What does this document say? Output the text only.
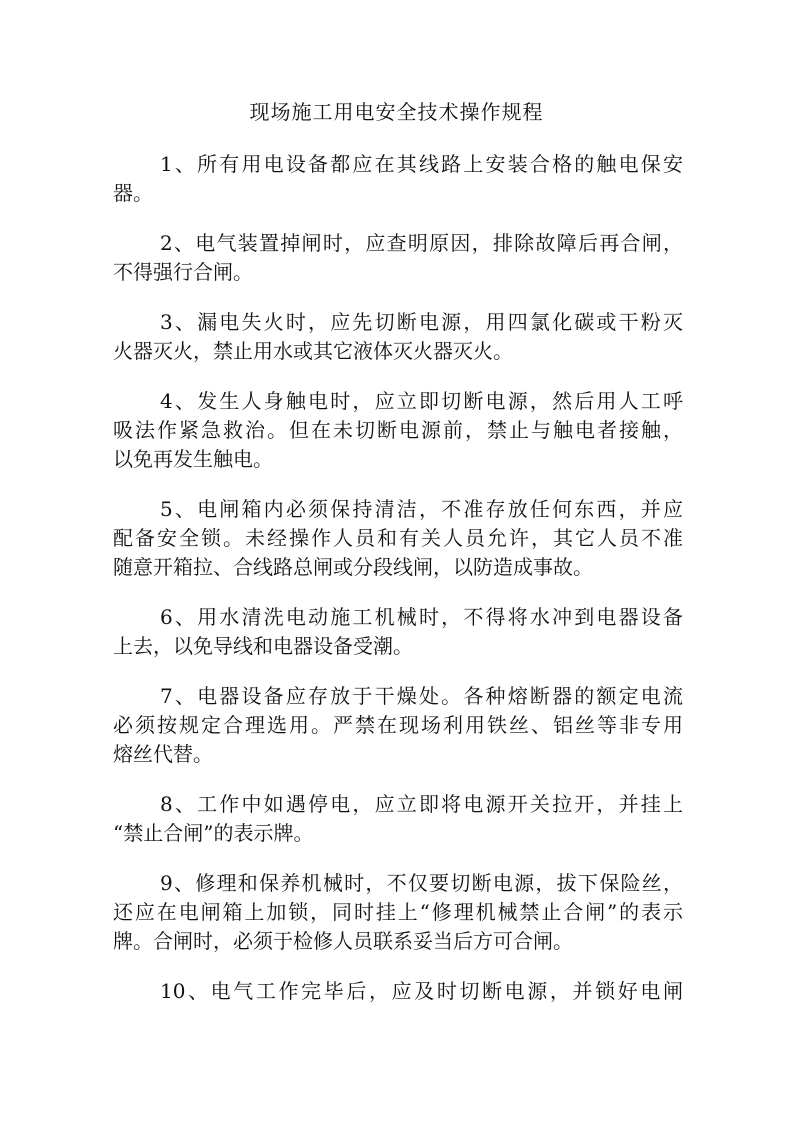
现场施工用电安全技术操作规程
1、所有用电设备都应在其线路上安装合格的触电保安
器。
2、电气装置掉闸时，应查明原因，排除故障后再合闸，
不得强行合闸。
3、漏电失火时，应先切断电源，用四氯化碳或干粉灭
火器灭火，禁止用水或其它液体灭火器灭火。
4、发生人身触电时，应立即切断电源，然后用人工呼
吸法作紧急救治。但在未切断电源前，禁止与触电者接触，
以免再发生触电。
5、电闸箱内必须保持清洁，不准存放任何东西，并应
配备安全锁。未经操作人员和有关人员允许，其它人员不准
随意开箱拉、合线路总闸或分段线闸，以防造成事故。
6、用水清洗电动施工机械时，不得将水冲到电器设备
上去，以免导线和电器设备受潮。
7、电器设备应存放于干燥处。各种熔断器的额定电流
必须按规定合理选用。严禁在现场利用铁丝、铝丝等非专用
熔丝代替。
8、工作中如遇停电，应立即将电源开关拉开，并挂上
“禁止合闸”的表示牌。
9、修理和保养机械时，不仅要切断电源，拔下保险丝，
还应在电闸箱上加锁，同时挂上“修理机械禁止合闸”的表示
牌。合闸时，必须于检修人员联系妥当后方可合闸。
10、电气工作完毕后，应及时切断电源，并锁好电闸
